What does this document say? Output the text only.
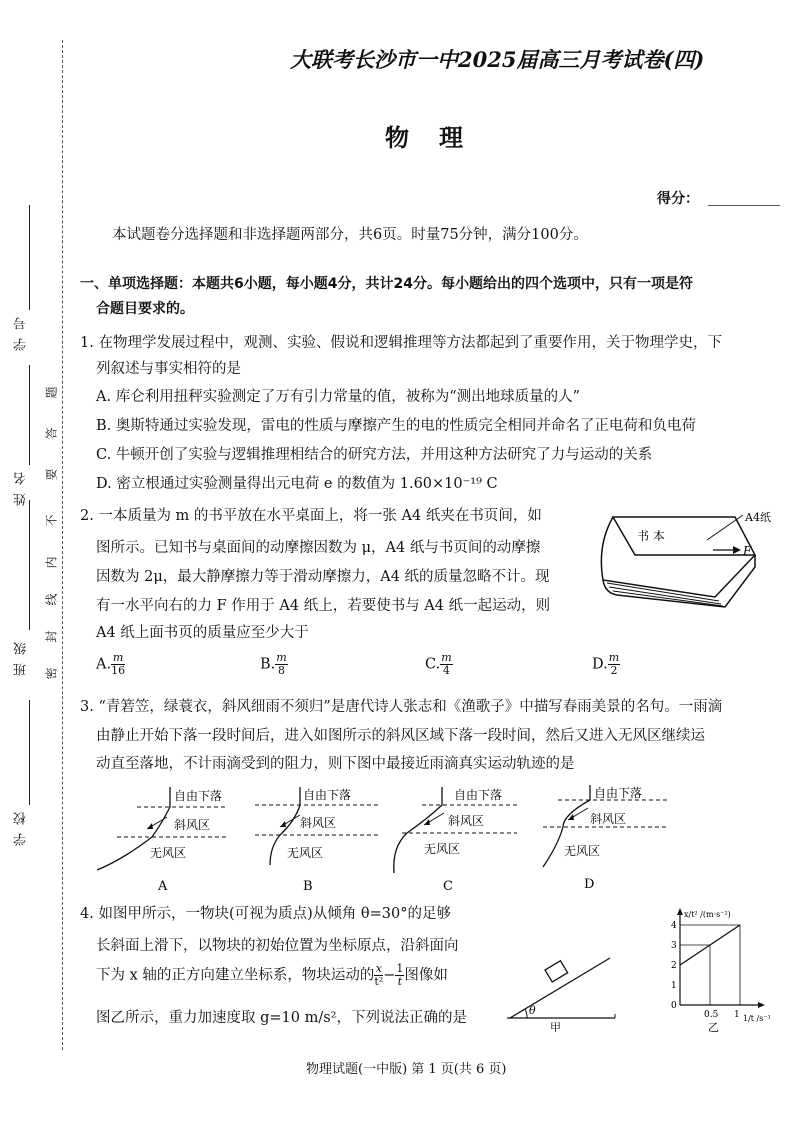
学 校
班 级
姓 名
学 号
密
封
线
内
不
要
答
题
大联考长沙市一中2025届高三月考试卷(四)
物理
得分：
本试题卷分选择题和非选择题两部分，共6页。时量75分钟，满分100分。
一、单项选择题：本题共6小题，每小题4分，共计24分。每小题给出的四个选项中，只有一项是符
合题目要求的。
1. 在物理学发展过程中，观测、实验、假说和逻辑推理等方法都起到了重要作用，关于物理学史，下
列叙述与事实相符的是
A. 库仑利用扭秤实验测定了万有引力常量的值，被称为“测出地球质量的人”
B. 奥斯特通过实验发现，雷电的性质与摩擦产生的电的性质完全相同并命名了正电荷和负电荷
C. 牛顿开创了实验与逻辑推理相结合的研究方法，并用这种方法研究了力与运动的关系
D. 密立根通过实验测量得出元电荷 e 的数值为 1.60×10⁻¹⁹ C
2. 一本质量为 m 的书平放在水平桌面上，将一张 A4 纸夹在书页间，如
图所示。已知书与桌面间的动摩擦因数为 μ，A4 纸与书页间的动摩擦
因数为 2μ，最大静摩擦力等于滑动摩擦力，A4 纸的质量忽略不计。现
有一水平向右的力 F 作用于 A4 纸上，若要使书与 A4 纸一起运动，则
A4 纸上面书页的质量应至少大于
书 本
A4纸
F
A. $\frac{m}{16}$	B. $\frac{m}{8}$	C. $\frac{m}{4}$	D. $\frac{m}{2}$
3. “青箬笠，绿蓑衣，斜风细雨不须归”是唐代诗人张志和《渔歌子》中描写春雨美景的名句。一雨滴
由静止开始下落一段时间后，进入如图所示的斜风区域下落一段时间，然后又进入无风区继续运
动直至落地，不计雨滴受到的阻力，则下图中最接近雨滴真实运动轨迹的是
自由下落
斜风区
无风区
A
自由下落
斜风区
无风区
B
自由下落
斜风区
无风区
C
自由下落
斜风区
无风区
D
4. 如图甲所示，一物块(可视为质点)从倾角 θ=30°的足够
长斜面上滑下，以物块的初始位置为坐标原点，沿斜面向
下为 x 轴的正方向建立坐标系，物块运动的 $\frac{x}{\text{t²}} - \frac{1}{t}$ 图像如
图乙所示，重力加速度取 g=10 m/s²，下列说法正确的是	θ
甲
x/t² /(m·s⁻²)
1/t /s⁻¹
0
1
2
3
4
0.5 1
乙
物理试题(一中版) 第 1 页(共 6 页)
